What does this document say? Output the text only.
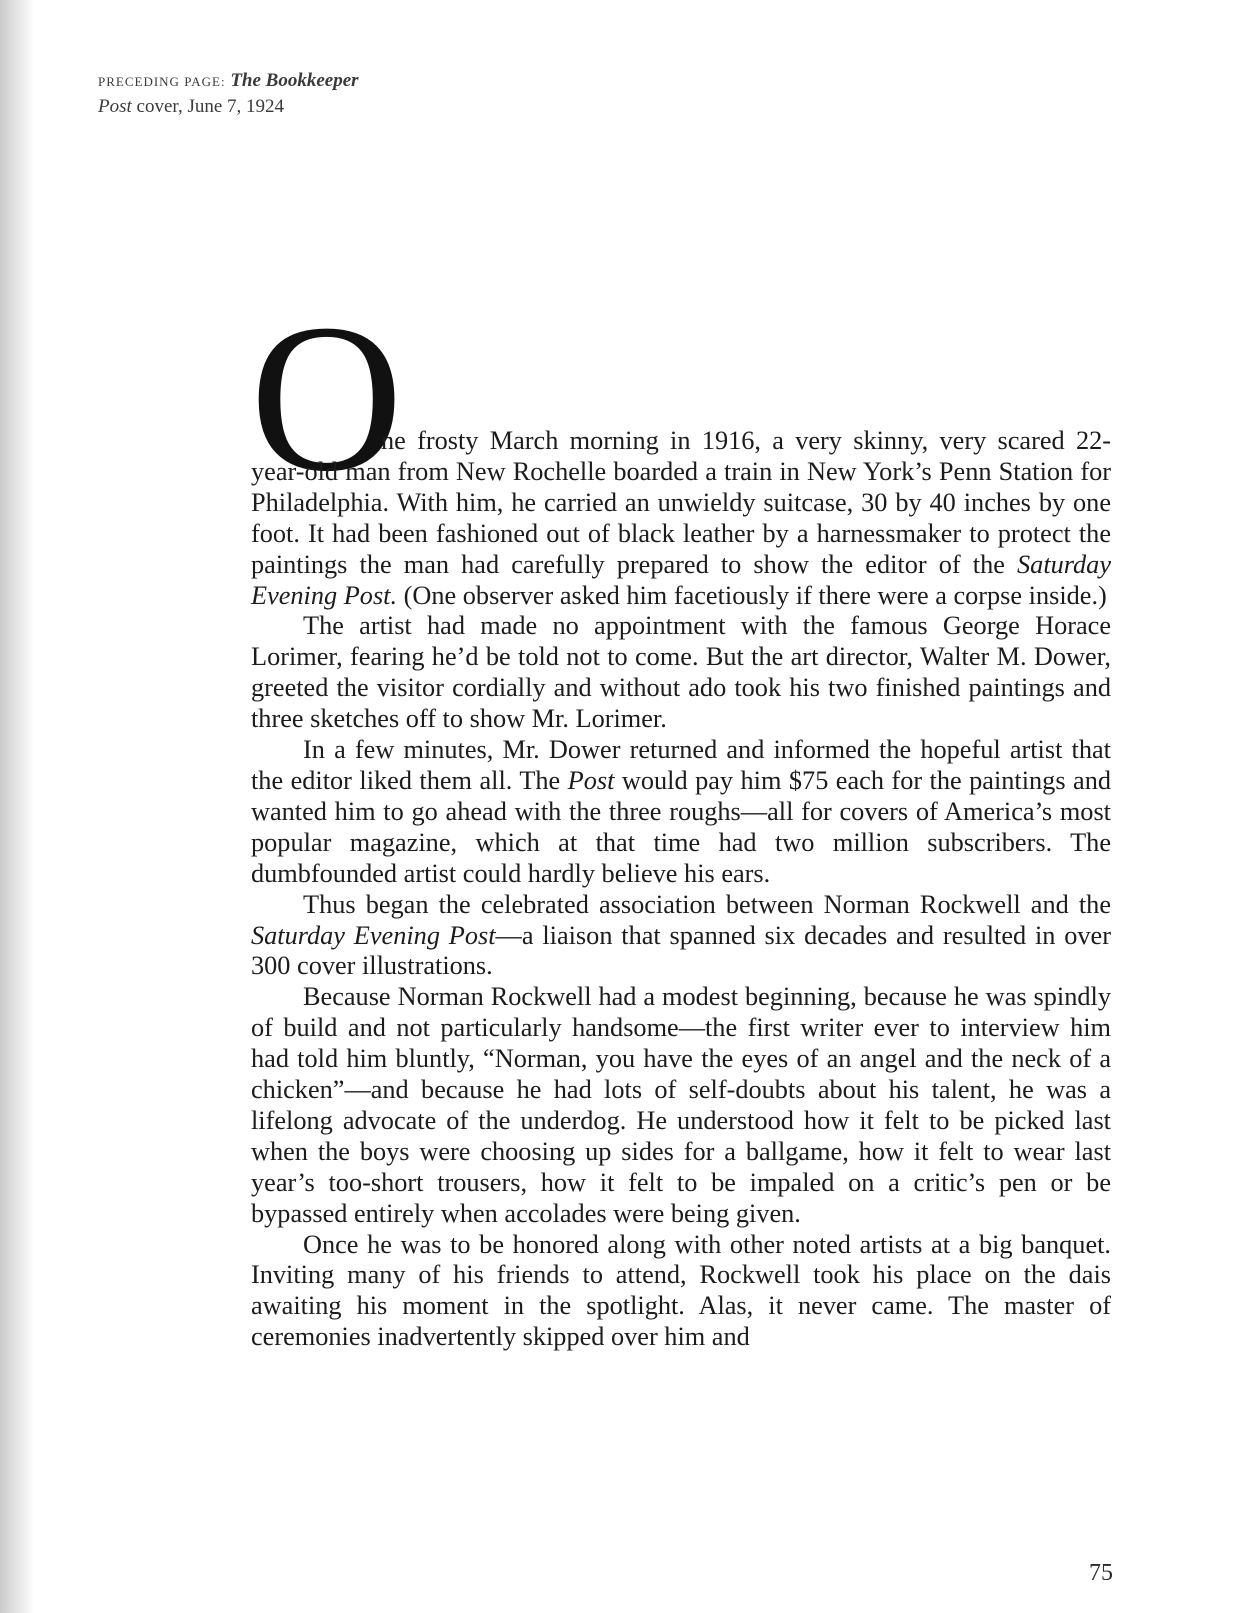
PRECEDING PAGE: The Bookkeeper
Post cover, June 7, 1924
O

ne frosty March morning in 1916, a very skinny, very scared 22-year-old man from New Rochelle boarded a train in New York’s Penn Station for Philadelphia. With him, he carried an unwieldy suitcase, 30 by 40 inches by one foot. It had been fashioned out of black leather by a harnessmaker to protect the paintings the man had carefully prepared to show the editor of the Saturday Evening Post. (One observer asked him facetiously if there were a corpse inside.)

The artist had made no appointment with the famous George Horace Lorimer, fearing he’d be told not to come. But the art director, Walter M. Dower, greeted the visitor cordially and without ado took his two finished paintings and three sketches off to show Mr. Lorimer.

In a few minutes, Mr. Dower returned and informed the hopeful artist that the editor liked them all. The Post would pay him $75 each for the paintings and wanted him to go ahead with the three roughs—all for covers of America’s most popular magazine, which at that time had two million subscribers. The dumbfounded artist could hardly believe his ears.

Thus began the celebrated association between Norman Rockwell and the Saturday Evening Post—a liaison that spanned six decades and resulted in over 300 cover illustrations.

Because Norman Rockwell had a modest beginning, because he was spindly of build and not particularly handsome—the first writer ever to interview him had told him bluntly, “Norman, you have the eyes of an angel and the neck of a chicken”—and because he had lots of self-doubts about his talent, he was a lifelong advocate of the underdog. He understood how it felt to be picked last when the boys were choosing up sides for a ballgame, how it felt to wear last year’s too-short trousers, how it felt to be impaled on a critic’s pen or be bypassed entirely when accolades were being given.

Once he was to be honored along with other noted artists at a big banquet. Inviting many of his friends to attend, Rockwell took his place on the dais awaiting his moment in the spotlight. Alas, it never came. The master of ceremonies inadvertently skipped over him and

75
